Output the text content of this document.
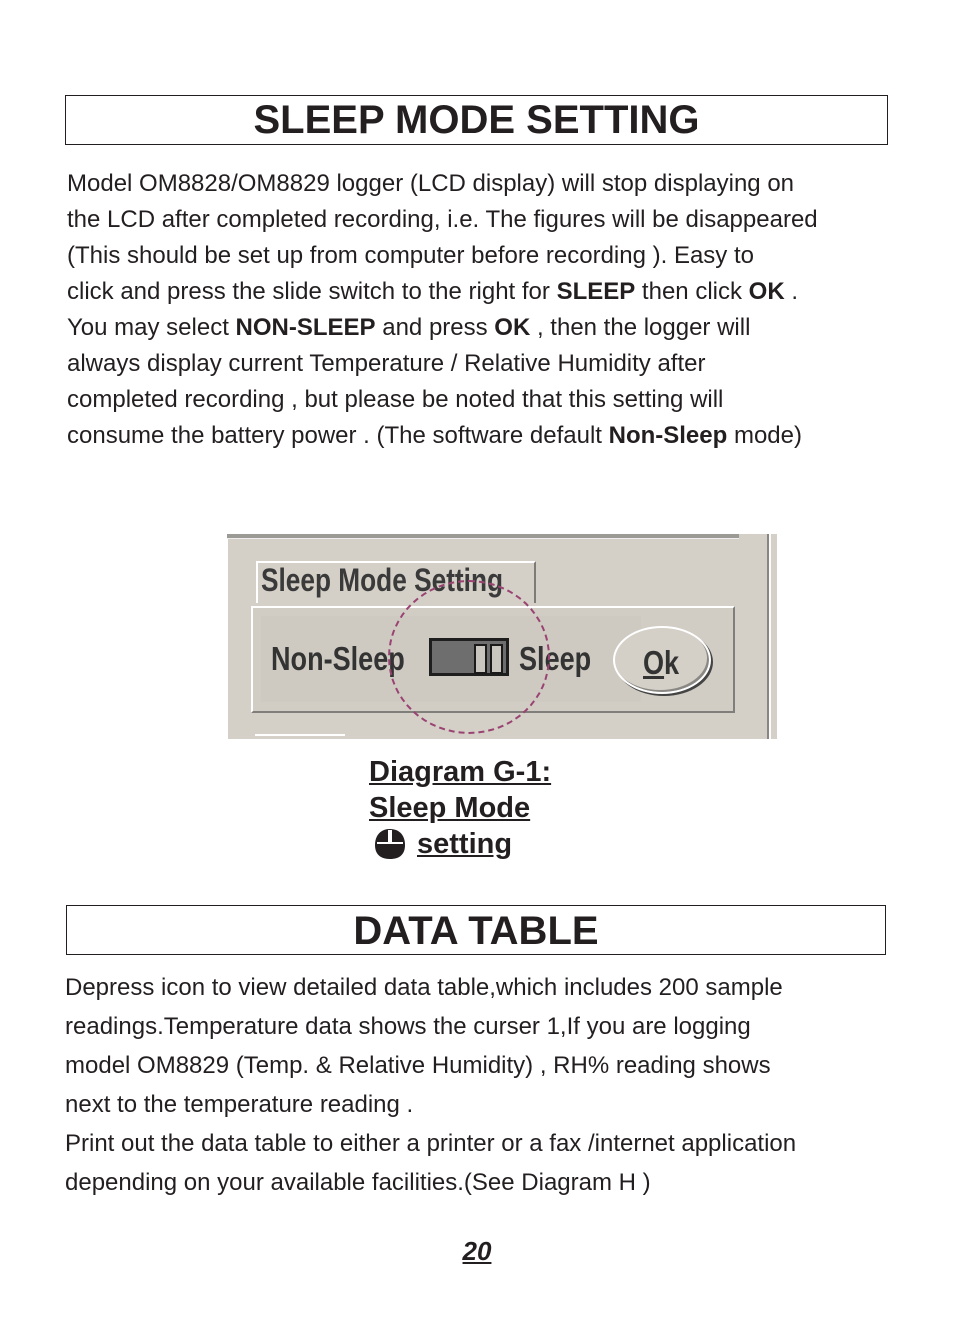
SLEEP MODE SETTING

Model OM8828/OM8829 logger (LCD display) will stop displaying on
the LCD after completed recording, i.e. The figures will be disappeared
(This should be set up from computer before recording ). Easy to
click and press the slide switch to the right for SLEEP then click OK .
You may select NON-SLEEP and press OK , then the logger will
always display current Temperature / Relative Humidity after
completed recording , but please be noted that this setting will
consume the battery power . (The software default Non-Sleep mode)

Sleep Mode Setting
Non-Sleep	Sleep Ok
Diagram G-1:
Sleep Mode
setting
DATA TABLE

Depress icon to view detailed data table,which includes 200 sample
readings.Temperature data shows the curser 1,If you are logging
model OM8829 (Temp. & Relative Humidity) , RH% reading shows
next to the temperature reading .
Print out the data table to either a printer or a fax /internet application
depending on your available facilities.(See Diagram H )

20
